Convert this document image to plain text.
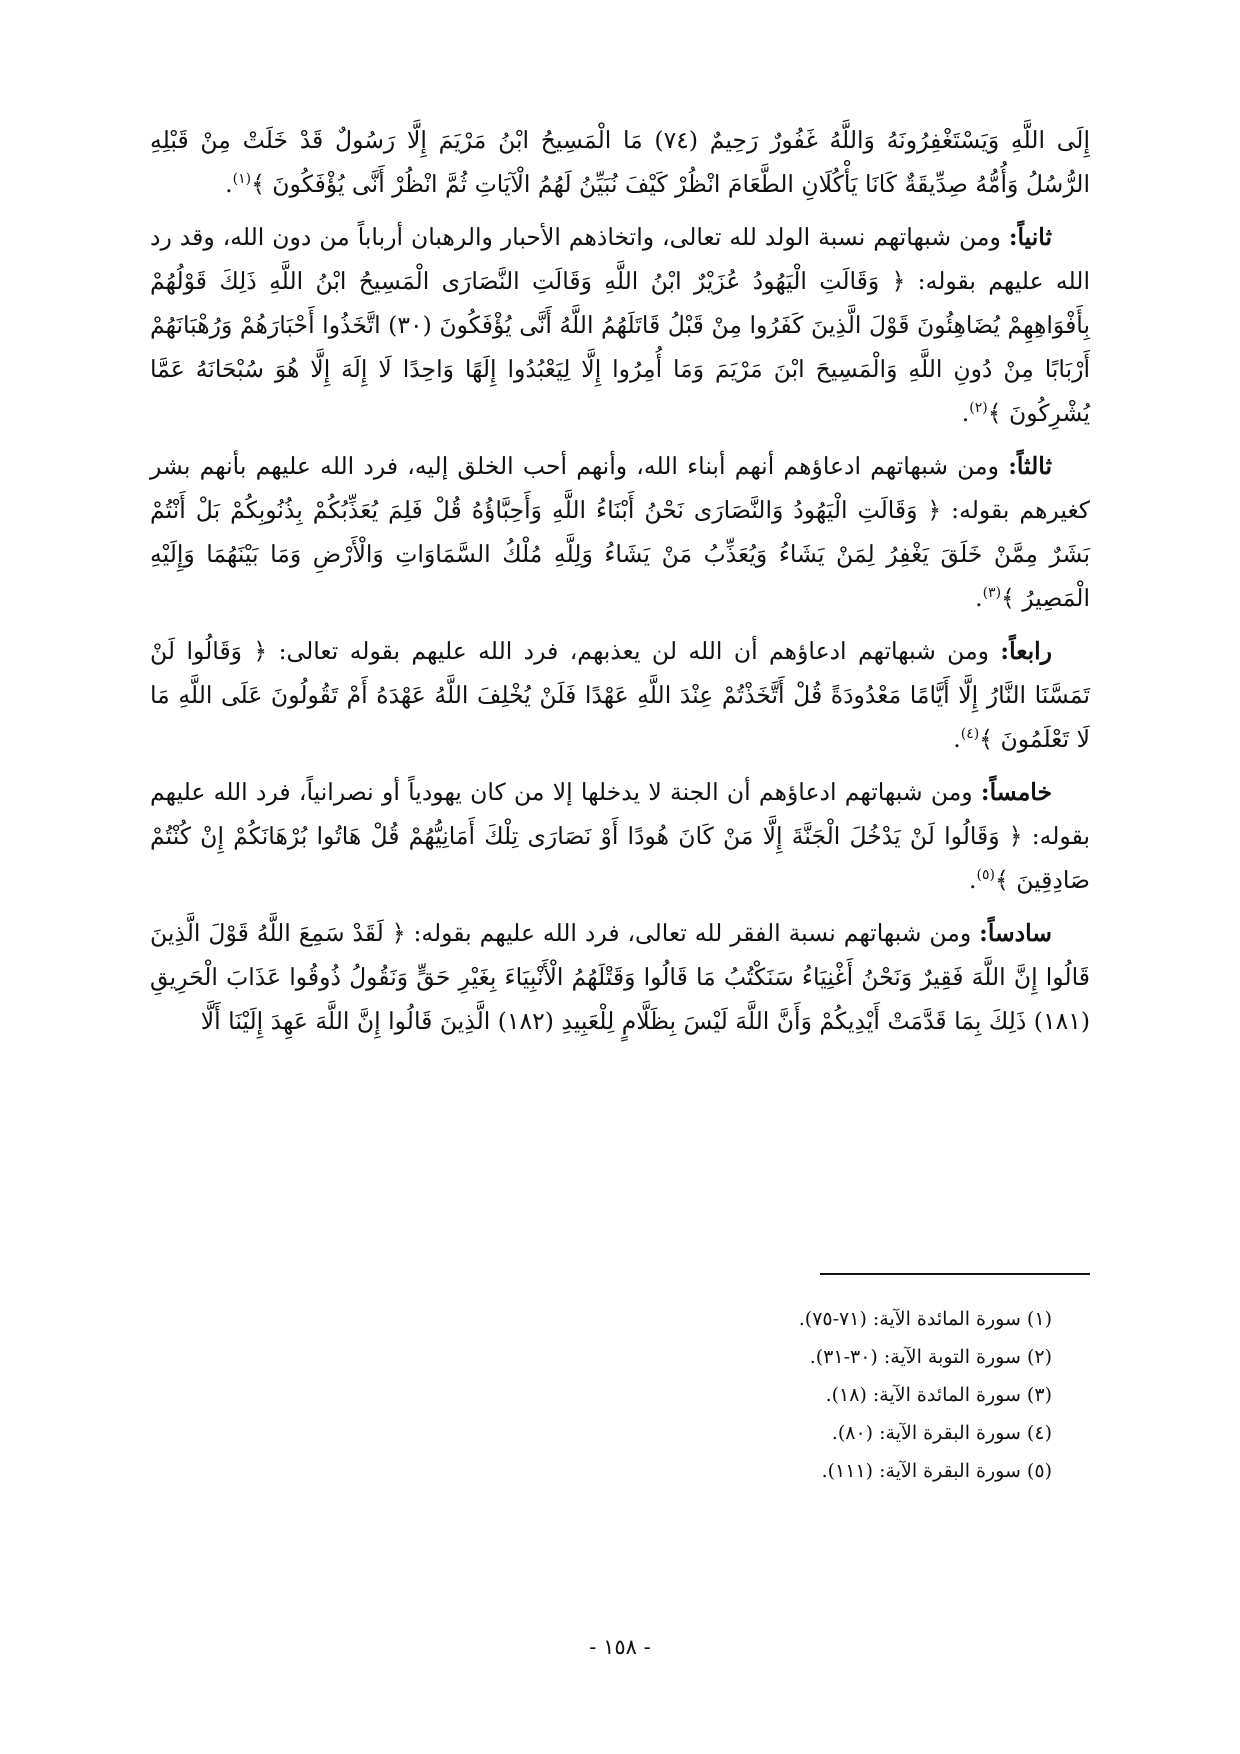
إِلَى اللَّهِ وَيَسْتَغْفِرُونَهُ وَاللَّهُ غَفُورٌ رَحِيمٌ (٧٤) مَا الْمَسِيحُ ابْنُ مَرْيَمَ إِلَّا رَسُولٌ قَدْ خَلَتْ مِنْ قَبْلِهِ الرُّسُلُ وَأُمُّهُ صِدِّيقَةٌ كَانَا يَأْكُلَانِ الطَّعَامَ انْظُرْ كَيْفَ نُبَيِّنُ لَهُمُ الْآيَاتِ ثُمَّ انْظُرْ أَنَّى يُؤْفَكُونَ ﴾$^{(١)}$.

ثانياً: ومن شبهاتهم نسبة الولد لله تعالى، واتخاذهم الأحبار والرهبان أرباباً من دون الله، وقد رد الله عليهم بقوله: ﴿ وَقَالَتِ الْيَهُودُ عُزَيْرٌ ابْنُ اللَّهِ وَقَالَتِ النَّصَارَى الْمَسِيحُ ابْنُ اللَّهِ ذَلِكَ قَوْلُهُمْ بِأَفْوَاهِهِمْ يُضَاهِئُونَ قَوْلَ الَّذِينَ كَفَرُوا مِنْ قَبْلُ قَاتَلَهُمُ اللَّهُ أَنَّى يُؤْفَكُونَ (٣٠) اتَّخَذُوا أَحْبَارَهُمْ وَرُهْبَانَهُمْ أَرْبَابًا مِنْ دُونِ اللَّهِ وَالْمَسِيحَ ابْنَ مَرْيَمَ وَمَا أُمِرُوا إِلَّا لِيَعْبُدُوا إِلَهًا وَاحِدًا لَا إِلَهَ إِلَّا هُوَ سُبْحَانَهُ عَمَّا يُشْرِكُونَ ﴾$^{(٢)}$.

ثالثاً: ومن شبهاتهم ادعاؤهم أنهم أبناء الله، وأنهم أحب الخلق إليه، فرد الله عليهم بأنهم بشر كغيرهم بقوله: ﴿ وَقَالَتِ الْيَهُودُ وَالنَّصَارَى نَحْنُ أَبْنَاءُ اللَّهِ وَأَحِبَّاؤُهُ قُلْ فَلِمَ يُعَذِّبُكُمْ بِذُنُوبِكُمْ بَلْ أَنْتُمْ بَشَرٌ مِمَّنْ خَلَقَ يَغْفِرُ لِمَنْ يَشَاءُ وَيُعَذِّبُ مَنْ يَشَاءُ وَلِلَّهِ مُلْكُ السَّمَاوَاتِ وَالْأَرْضِ وَمَا بَيْنَهُمَا وَإِلَيْهِ الْمَصِيرُ ﴾$^{(٣)}$.

رابعاً: ومن شبهاتهم ادعاؤهم أن الله لن يعذبهم، فرد الله عليهم بقوله تعالى: ﴿ وَقَالُوا لَنْ تَمَسَّنَا النَّارُ إِلَّا أَيَّامًا مَعْدُودَةً قُلْ أَتَّخَذْتُمْ عِنْدَ اللَّهِ عَهْدًا فَلَنْ يُخْلِفَ اللَّهُ عَهْدَهُ أَمْ تَقُولُونَ عَلَى اللَّهِ مَا لَا تَعْلَمُونَ ﴾$^{(٤)}$.

خامساً: ومن شبهاتهم ادعاؤهم أن الجنة لا يدخلها إلا من كان يهودياً أو نصرانياً، فرد الله عليهم بقوله: ﴿ وَقَالُوا لَنْ يَدْخُلَ الْجَنَّةَ إِلَّا مَنْ كَانَ هُودًا أَوْ نَصَارَى تِلْكَ أَمَانِيُّهُمْ قُلْ هَاتُوا بُرْهَانَكُمْ إِنْ كُنْتُمْ صَادِقِينَ ﴾$^{(٥)}$.

سادساً: ومن شبهاتهم نسبة الفقر لله تعالى، فرد الله عليهم بقوله: ﴿ لَقَدْ سَمِعَ اللَّهُ قَوْلَ الَّذِينَ قَالُوا إِنَّ اللَّهَ فَقِيرٌ وَنَحْنُ أَغْنِيَاءُ سَنَكْتُبُ مَا قَالُوا وَقَتْلَهُمُ الْأَنْبِيَاءَ بِغَيْرِ حَقٍّ وَنَقُولُ ذُوقُوا عَذَابَ الْحَرِيقِ (١٨١) ذَلِكَ بِمَا قَدَّمَتْ أَيْدِيكُمْ وَأَنَّ اللَّهَ لَيْسَ بِظَلَّامٍ لِلْعَبِيدِ (١٨٢) الَّذِينَ قَالُوا إِنَّ اللَّهَ عَهِدَ إِلَيْنَا أَلَّا

(١) سورة المائدة الآية: (٧١-٧٥).
(٢) سورة التوبة الآية: (٣٠-٣١).
(٣) سورة المائدة الآية: (١٨).
(٤) سورة البقرة الآية: (٨٠).
(٥) سورة البقرة الآية: (١١١).
- ١٥٨ -
